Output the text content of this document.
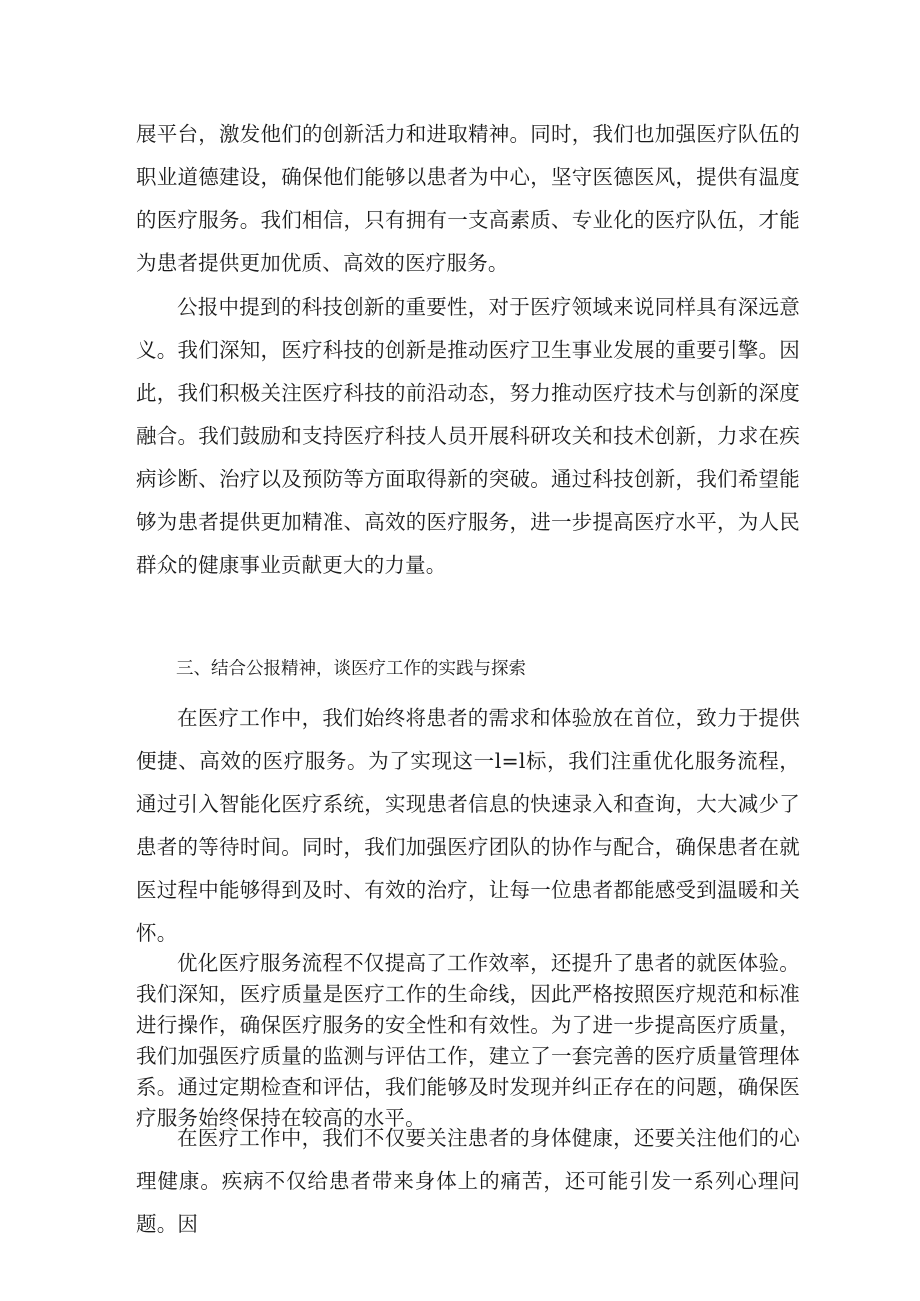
展平台，激发他们的创新活力和进取精神。同时，我们也加强医疗队伍的职业道德建设，确保他们能够以患者为中心，坚守医德医风，提供有温度的医疗服务。我们相信，只有拥有一支高素质、专业化的医疗队伍，才能为患者提供更加优质、高效的医疗服务。

公报中提到的科技创新的重要性，对于医疗领域来说同样具有深远意义。我们深知，医疗科技的创新是推动医疗卫生事业发展的重要引擎。因此，我们积极关注医疗科技的前沿动态，努力推动医疗技术与创新的深度融合。我们鼓励和支持医疗科技人员开展科研攻关和技术创新，力求在疾病诊断、治疗以及预防等方面取得新的突破。通过科技创新，我们希望能够为患者提供更加精准、高效的医疗服务，进一步提高医疗水平，为人民群众的健康事业贡献更大的力量。

三、结合公报精神，谈医疗工作的实践与探索

在医疗工作中，我们始终将患者的需求和体验放在首位，致力于提供便捷、高效的医疗服务。为了实现这一l=l标，我们注重优化服务流程，通过引入智能化医疗系统，实现患者信息的快速录入和查询，大大减少了患者的等待时间。同时，我们加强医疗团队的协作与配合，确保患者在就医过程中能够得到及时、有效的治疗，让每一位患者都能感受到温暖和关怀。

优化医疗服务流程不仅提高了工作效率，还提升了患者的就医体验。我们深知，医疗质量是医疗工作的生命线，因此严格按照医疗规范和标准进行操作，确保医疗服务的安全性和有效性。为了进一步提高医疗质量，我们加强医疗质量的监测与评估工作，建立了一套完善的医疗质量管理体系。通过定期检查和评估，我们能够及时发现并纠正存在的问题，确保医疗服务始终保持在较高的水平。

在医疗工作中，我们不仅要关注患者的身体健康，还要关注他们的心理健康。疾病不仅给患者带来身体上的痛苦，还可能引发一系列心理问题。因
